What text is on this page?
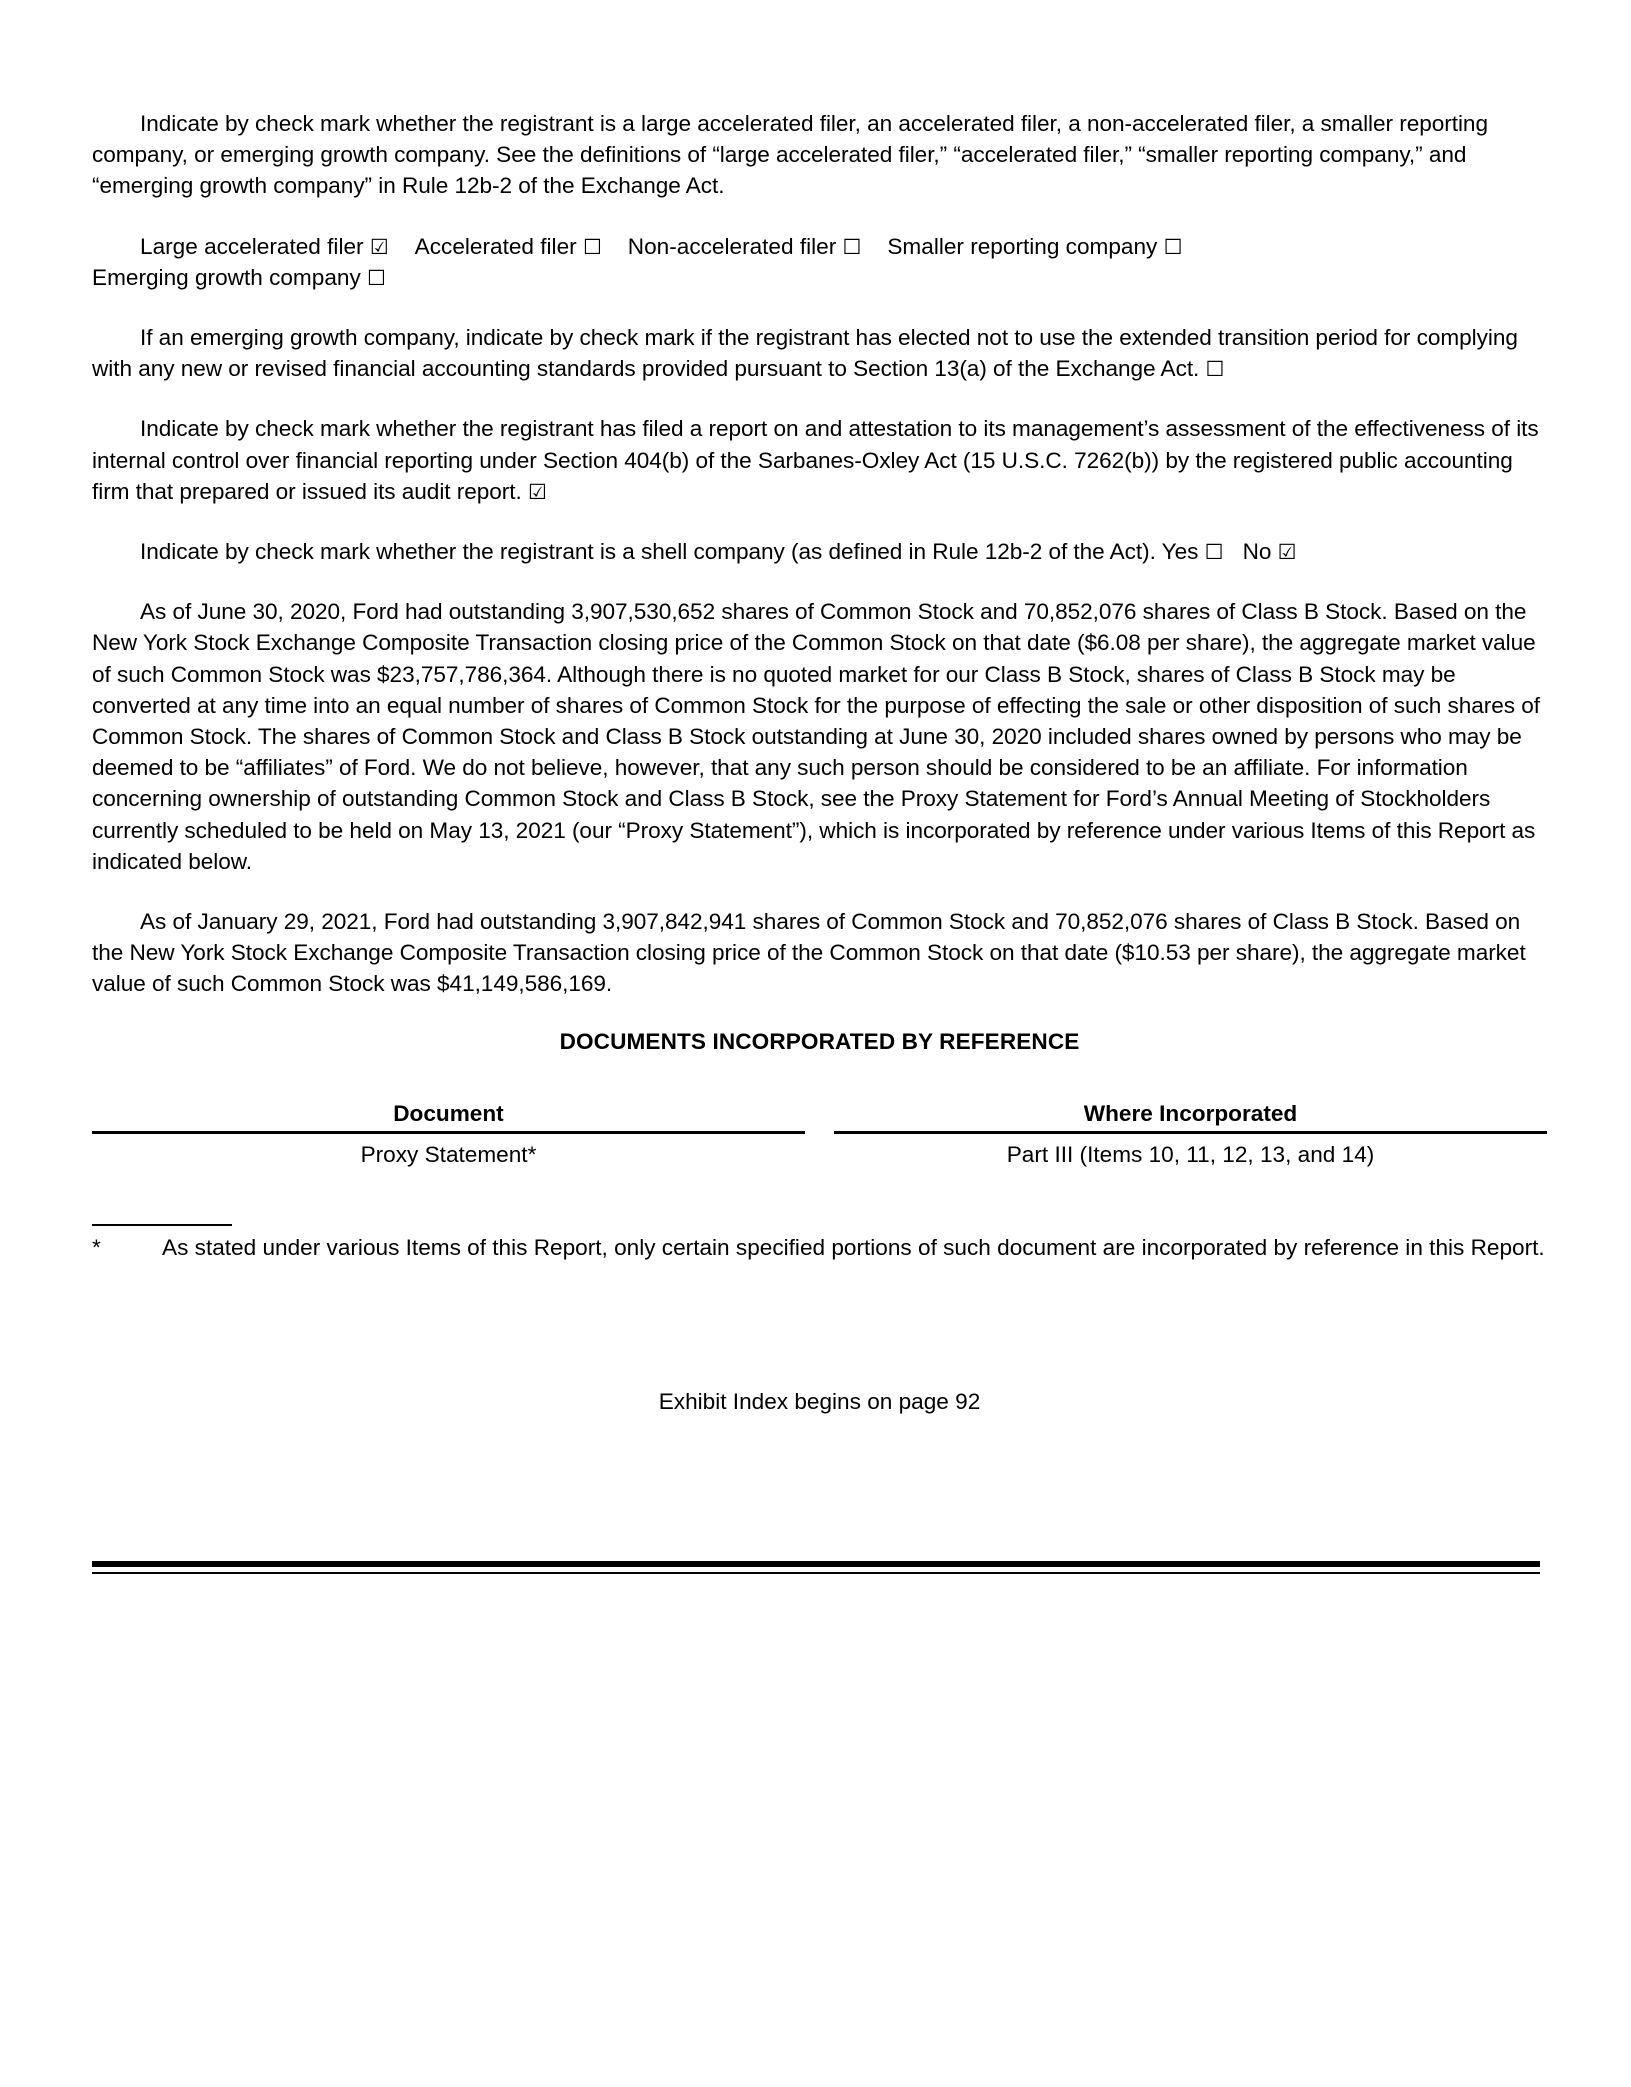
Indicate by check mark whether the registrant is a large accelerated filer, an accelerated filer, a non-accelerated filer, a smaller reporting company, or emerging growth company. See the definitions of “large accelerated filer,” “accelerated filer,” “smaller reporting company,” and “emerging growth company” in Rule 12b-2 of the Exchange Act.

Large accelerated filer ☑ Accelerated filer ☐ Non-accelerated filer ☐ Smaller reporting company ☐
Emerging growth company ☐

If an emerging growth company, indicate by check mark if the registrant has elected not to use the extended transition period for complying with any new or revised financial accounting standards provided pursuant to Section 13(a) of the Exchange Act. ☐

Indicate by check mark whether the registrant has filed a report on and attestation to its management’s assessment of the effectiveness of its internal control over financial reporting under Section 404(b) of the Sarbanes-Oxley Act (15 U.S.C. 7262(b)) by the registered public accounting firm that prepared or issued its audit report. ☑

Indicate by check mark whether the registrant is a shell company (as defined in Rule 12b-2 of the Act). Yes ☐ No ☑

As of June 30, 2020, Ford had outstanding 3,907,530,652 shares of Common Stock and 70,852,076 shares of Class B Stock. Based on the New York Stock Exchange Composite Transaction closing price of the Common Stock on that date ($6.08 per share), the aggregate market value of such Common Stock was $23,757,786,364. Although there is no quoted market for our Class B Stock, shares of Class B Stock may be converted at any time into an equal number of shares of Common Stock for the purpose of effecting the sale or other disposition of such shares of Common Stock. The shares of Common Stock and Class B Stock outstanding at June 30, 2020 included shares owned by persons who may be deemed to be “affiliates” of Ford. We do not believe, however, that any such person should be considered to be an affiliate. For information concerning ownership of outstanding Common Stock and Class B Stock, see the Proxy Statement for Ford’s Annual Meeting of Stockholders currently scheduled to be held on May 13, 2021 (our “Proxy Statement”), which is incorporated by reference under various Items of this Report as indicated below.

As of January 29, 2021, Ford had outstanding 3,907,842,941 shares of Common Stock and 70,852,076 shares of Class B Stock. Based on the New York Stock Exchange Composite Transaction closing price of the Common Stock on that date ($10.53 per share), the aggregate market value of such Common Stock was $41,149,586,169.

DOCUMENTS INCORPORATED BY REFERENCE
Document		Where Incorporated
Proxy Statement*		Part III (Items 10, 11, 12, 13, and 14)
*	As stated under various Items of this Report, only certain specified portions of such document are incorporated by reference in this Report.
Exhibit Index begins on page 92
